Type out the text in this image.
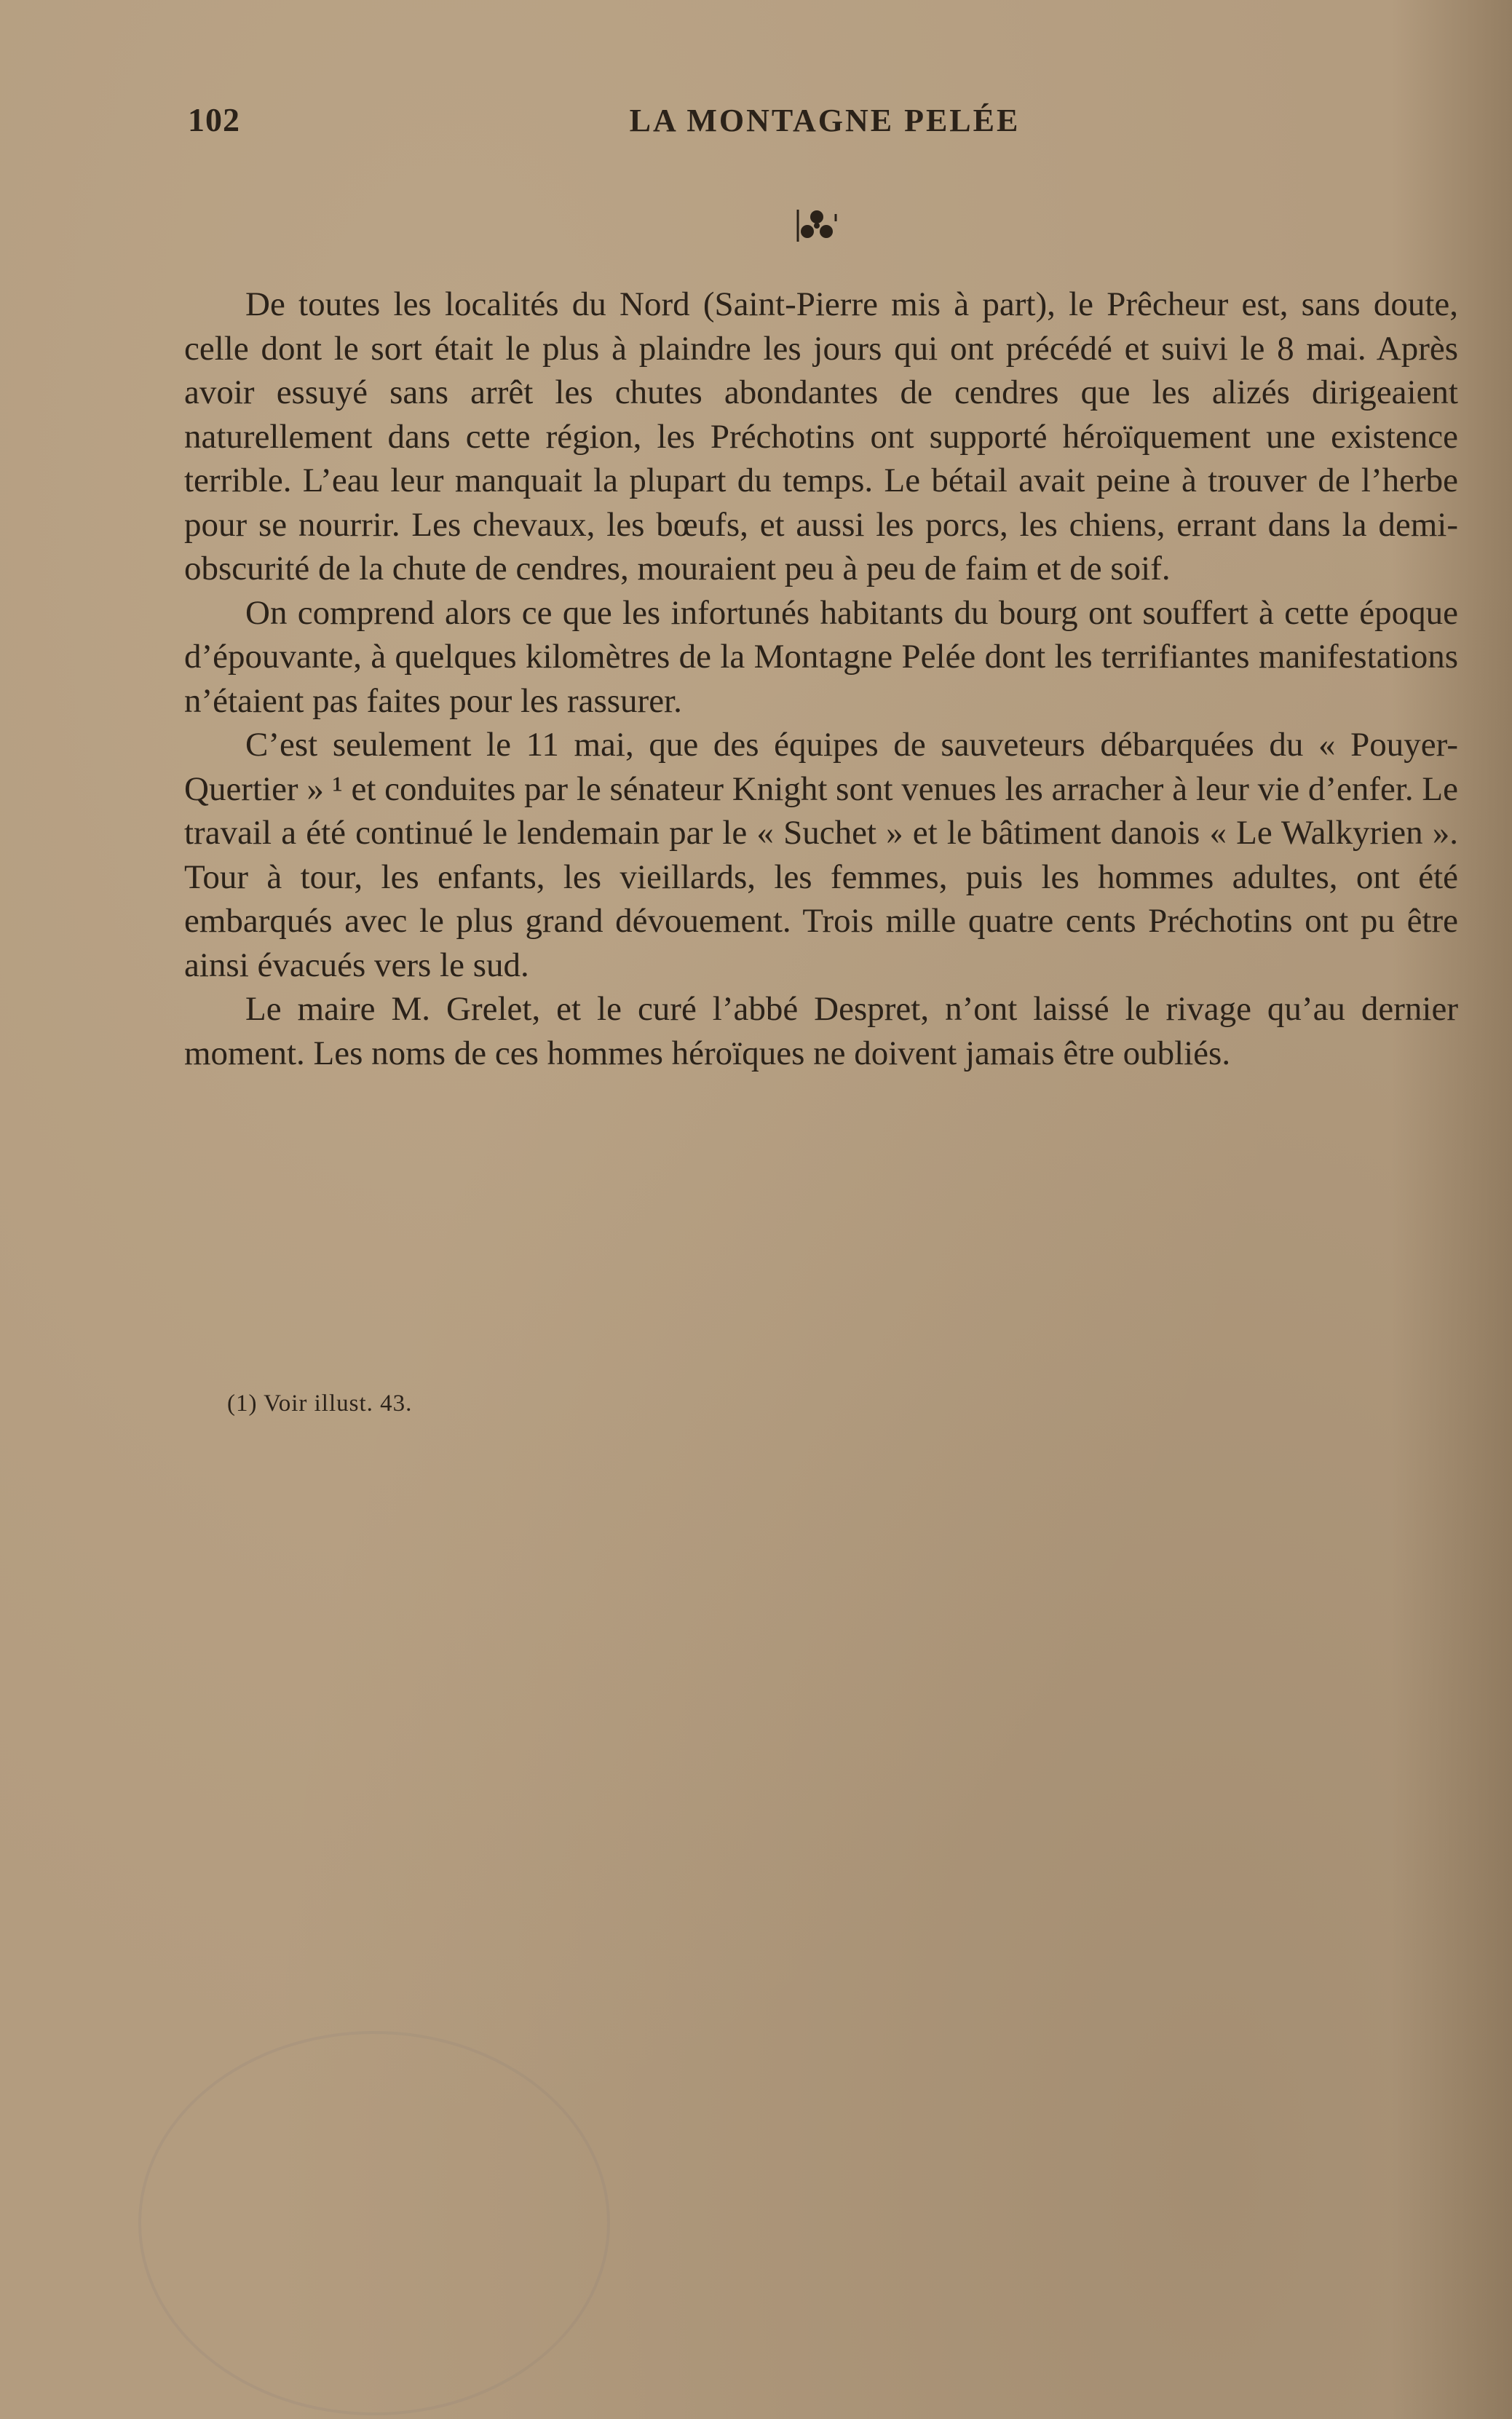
102	LA MONTAGNE PELÉE

De toutes les localités du Nord (Saint-Pierre mis à part), le Prêcheur est, sans doute, celle dont le sort était le plus à plaindre les jours qui ont précédé et suivi le 8 mai. Après avoir essuyé sans arrêt les chutes abondantes de cendres que les alizés dirigeaient naturellement dans cette région, les Préchotins ont supporté héroïquement une existence terrible. L’eau leur manquait la plupart du temps. Le bétail avait peine à trouver de l’herbe pour se nourrir. Les chevaux, les bœufs, et aussi les porcs, les chiens, errant dans la demi-obscurité de la chute de cendres, mouraient peu à peu de faim et de soif.

On comprend alors ce que les infortunés habitants du bourg ont souffert à cette époque d’épouvante, à quelques kilomètres de la Montagne Pelée dont les terrifiantes manifestations n’étaient pas faites pour les rassurer.

C’est seulement le 11 mai, que des équipes de sauveteurs débarquées du « Pouyer-Quertier » ¹ et conduites par le sénateur Knight sont venues les arracher à leur vie d’enfer. Le travail a été continué le lendemain par le « Suchet » et le bâtiment danois « Le Walkyrien ». Tour à tour, les enfants, les vieillards, les femmes, puis les hommes adultes, ont été embarqués avec le plus grand dévouement. Trois mille quatre cents Préchotins ont pu être ainsi évacués vers le sud.

Le maire M. Grelet, et le curé l’abbé Despret, n’ont laissé le rivage qu’au dernier moment. Les noms de ces hommes héroïques ne doivent jamais être oubliés.

(1) Voir illust. 43.
